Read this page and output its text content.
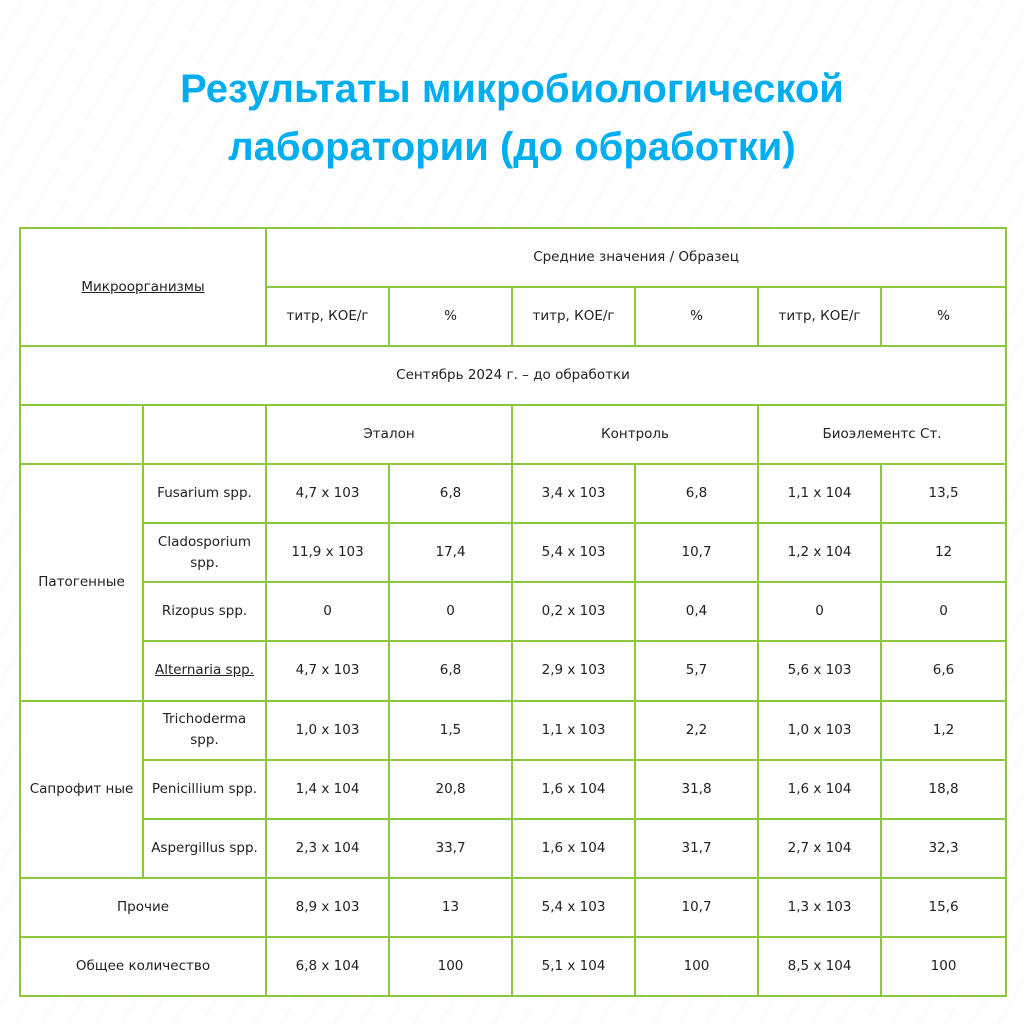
Результаты микробиологической
лаборатории (до обработки)
Микроорганизмы		Средние значения / Образец					
		титр, КОЕ/г	%	титр, КОЕ/г	%	титр, КОЕ/г	%
Сентябрь 2024 г. – до обработки							
		Эталон		Контроль		Биоэлементс Ст.	
Патогенные	Fusarium spp.	4,7 x 103	6,8	3,4 x 103	6,8	1,1 x 104	13,5
	Cladosporium spp.	11,9 x 103	17,4	5,4 x 103	10,7	1,2 x 104	12
	Rizopus spp.	0	0	0,2 x 103	0,4	0	0
	Alternaria spp.	4,7 x 103	6,8	2,9 x 103	5,7	5,6 x 103	6,6
Сапрофит ные	Trichoderma spp.	1,0 x 103	1,5	1,1 x 103	2,2	1,0 x 103	1,2
	Penicillium spp.	1,4 x 104	20,8	1,6 x 104	31,8	1,6 x 104	18,8
	Aspergillus spp.	2,3 x 104	33,7	1,6 x 104	31,7	2,7 x 104	32,3
Прочие		8,9 x 103	13	5,4 x 103	10,7	1,3 x 103	15,6
Общее количество		6,8 x 104	100	5,1 x 104	100	8,5 x 104	100
